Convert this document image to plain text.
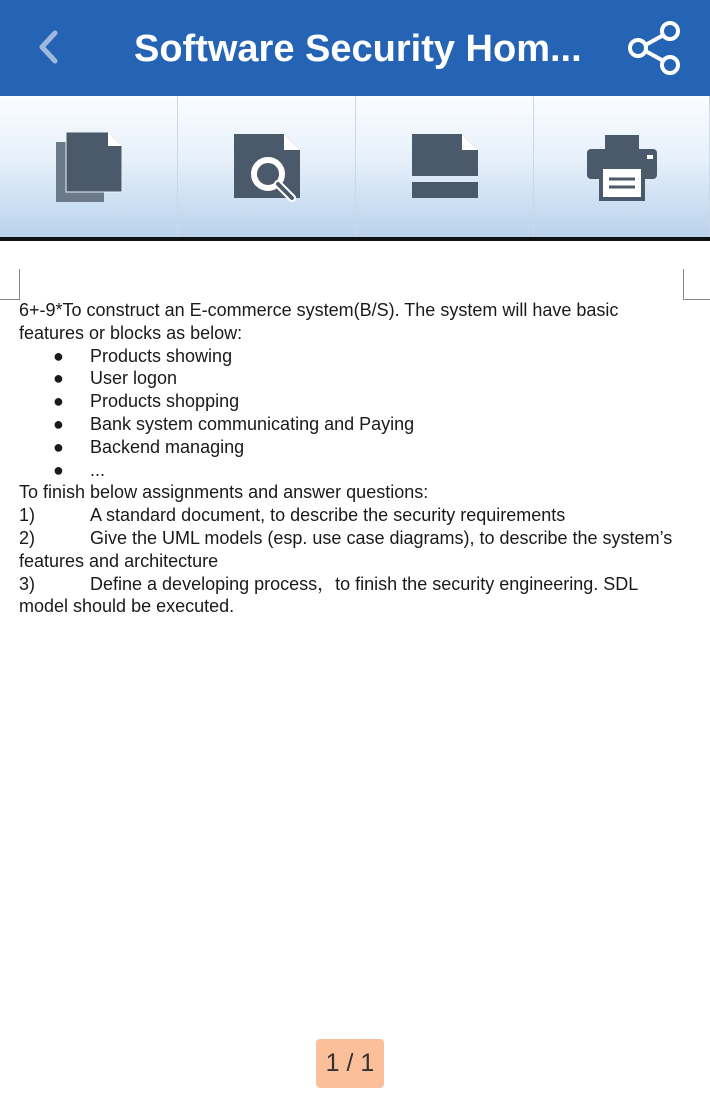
Software Security Hom...

6+-9*To construct an E-commerce system(B/S). The system will have basic features or blocks as below:

● Products showing
● User logon
● Products shopping
● Bank system communicating and Paying
● Backend managing
● ...

To finish below assignments and answer questions:

1)	A standard document, to describe the security requirements
2)	Give the UML models (esp. use case diagrams), to describe the system’s features and architecture
3)	Define a developing process，to finish the security engineering. SDL model should be executed.
1 / 1
